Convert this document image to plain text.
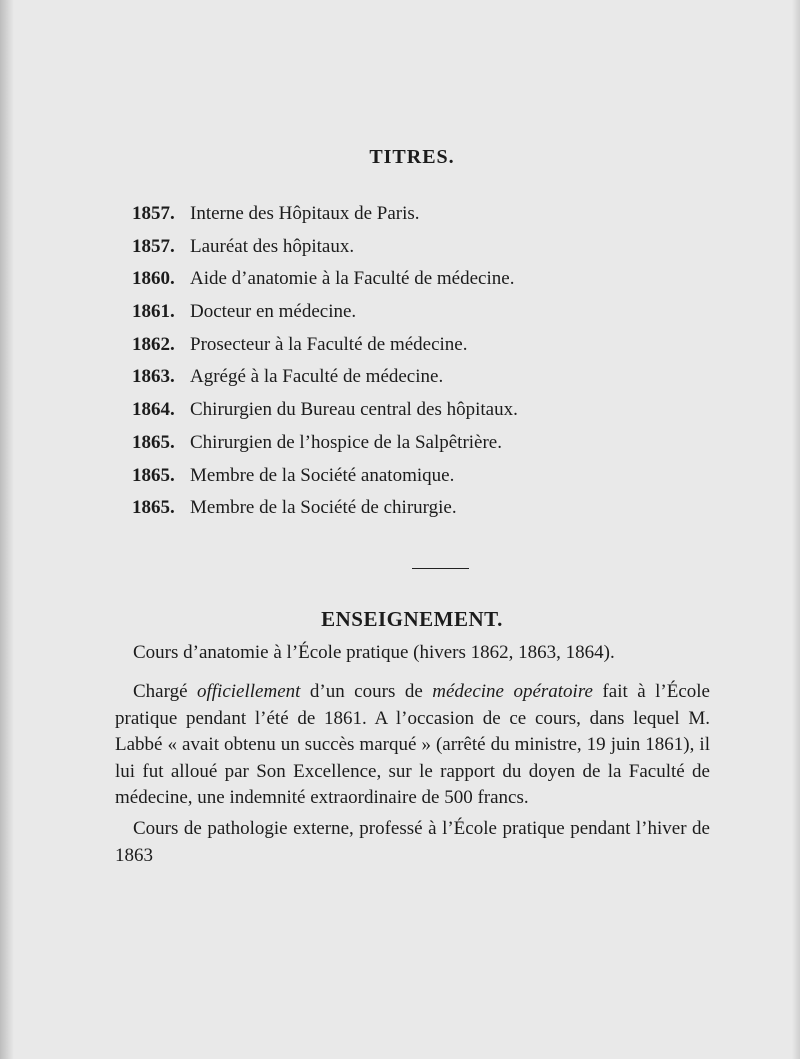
TITRES.
1857. Interne des Hôpitaux de Paris.
1857. Lauréat des hôpitaux.
1860. Aide d’anatomie à la Faculté de médecine.
1861. Docteur en médecine.
1862. Prosecteur à la Faculté de médecine.
1863. Agrégé à la Faculté de médecine.
1864. Chirurgien du Bureau central des hôpitaux.
1865. Chirurgien de l’hospice de la Salpêtrière.
1865. Membre de la Société anatomique.
1865. Membre de la Société de chirurgie.
ENSEIGNEMENT.

Cours d’anatomie à l’École pratique (hivers 1862, 1863, 1864).

Chargé officiellement d’un cours de médecine opératoire fait à l’École pratique pendant l’été de 1861. A l’occasion de ce cours, dans lequel M. Labbé « avait obtenu un succès marqué » (arrêté du ministre, 19 juin 1861), il lui fut alloué par Son Excellence, sur le rapport du doyen de la Faculté de médecine, une indemnité extraordinaire de 500 francs.

Cours de pathologie externe, professé à l’École pratique pendant l’hiver de 1863
